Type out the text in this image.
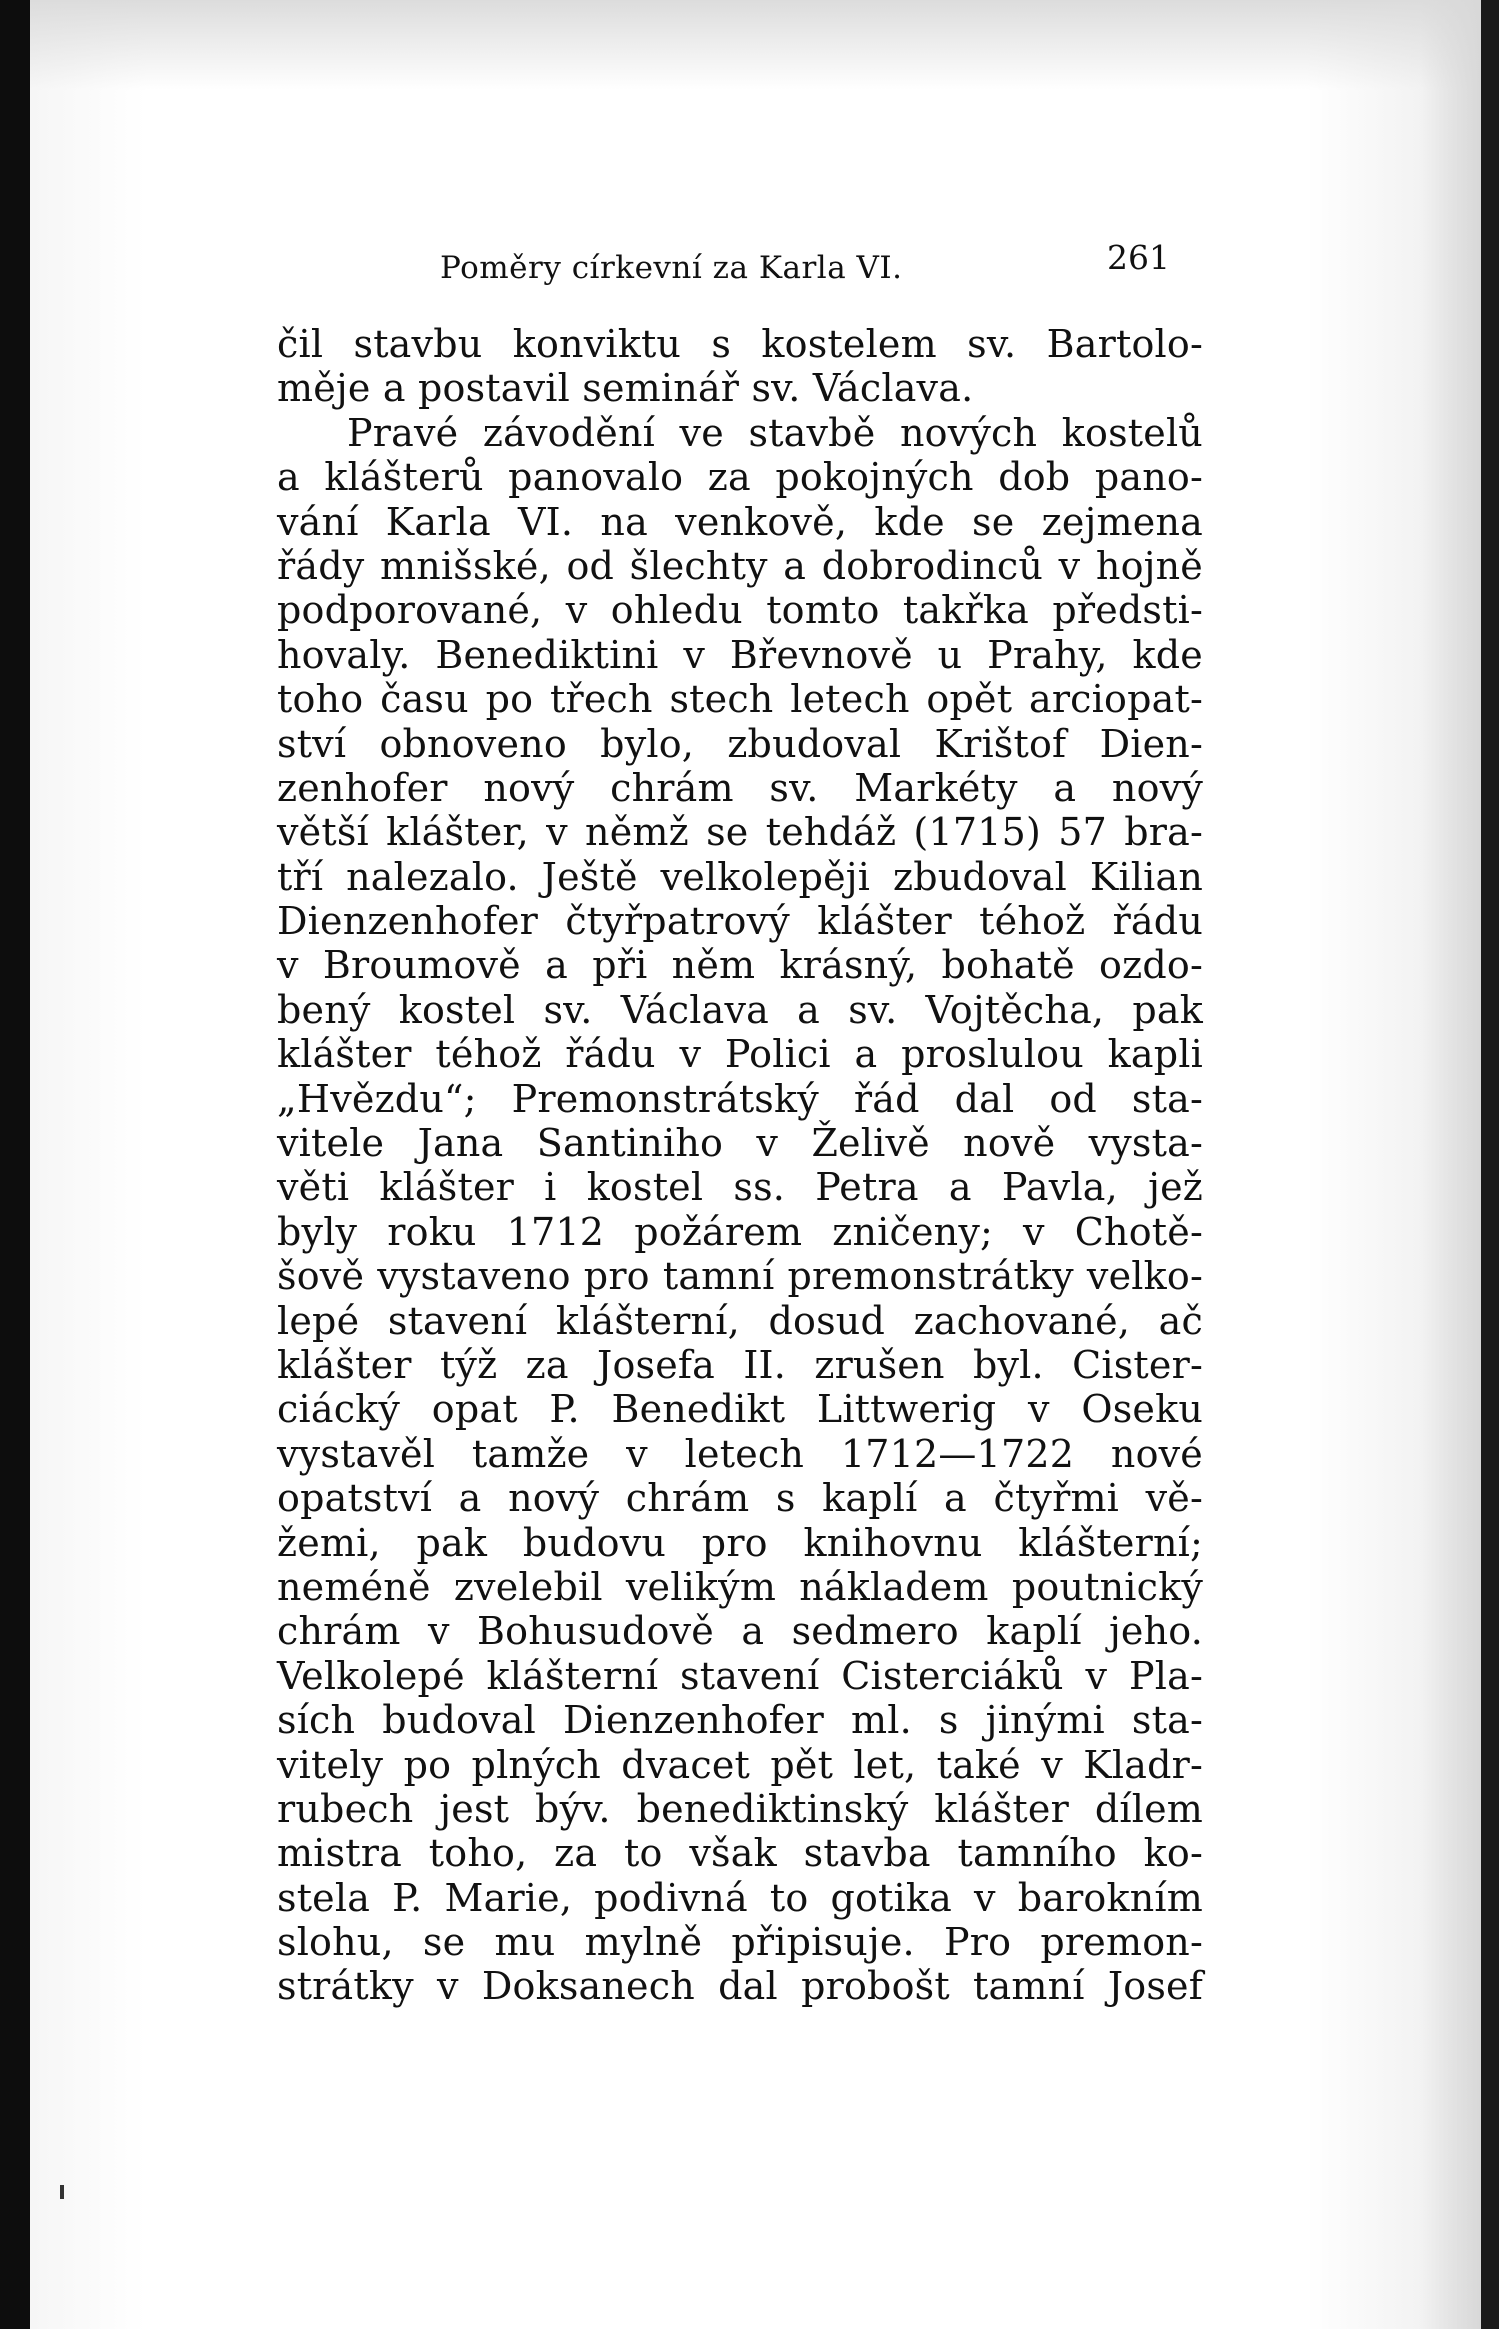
Poměry církevní za Karla VI.	261
čil stavbu konviktu s kostelem sv. Bartolo-
měje a postavil seminář sv. Václava.
Pravé závodění ve stavbě nových kostelů
a klášterů panovalo za pokojných dob pano-
vání Karla VI. na venkově, kde se zejmena
řády mnišské, od šlechty a dobrodinců v hojně
podporované, v ohledu tomto takřka předsti-
hovaly. Benediktini v Břevnově u Prahy, kde
toho času po třech stech letech opět arciopat-
ství obnoveno bylo, zbudoval Krištof Dien-
zenhofer nový chrám sv. Markéty a nový
větší klášter, v němž se tehdáž (1715) 57 bra-
tří nalezalo. Ještě velkolepěji zbudoval Kilian
Dienzenhofer čtyřpatrový klášter téhož řádu
v Broumově a při něm krásný, bohatě ozdo-
bený kostel sv. Václava a sv. Vojtěcha, pak
klášter téhož řádu v Polici a proslulou kapli
„Hvězdu“; Premonstrátský řád dal od sta-
vitele Jana Santiniho v Želivě nově vysta-
věti klášter i kostel ss. Petra a Pavla, jež
byly roku 1712 požárem zničeny; v Chotě-
šově vystaveno pro tamní premonstrátky velko-
lepé stavení klášterní, dosud zachované, ač
klášter týž za Josefa II. zrušen byl. Cister-
ciácký opat P. Benedikt Littwerig v Oseku
vystavěl tamže v letech 1712—1722 nové
opatství a nový chrám s kaplí a čtyřmi vě-
žemi, pak budovu pro knihovnu klášterní;
neméně zvelebil velikým nákladem poutnický
chrám v Bohusudově a sedmero kaplí jeho.
Velkolepé klášterní stavení Cisterciáků v Pla-
sích budoval Dienzenhofer ml. s jinými sta-
vitely po plných dvacet pět let, také v Kladr-
rubech jest býv. benediktinský klášter dílem
mistra toho, za to však stavba tamního ko-
stela P. Marie, podivná to gotika v barokním
slohu, se mu mylně připisuje. Pro premon-
strátky v Doksanech dal probošt tamní Josef
